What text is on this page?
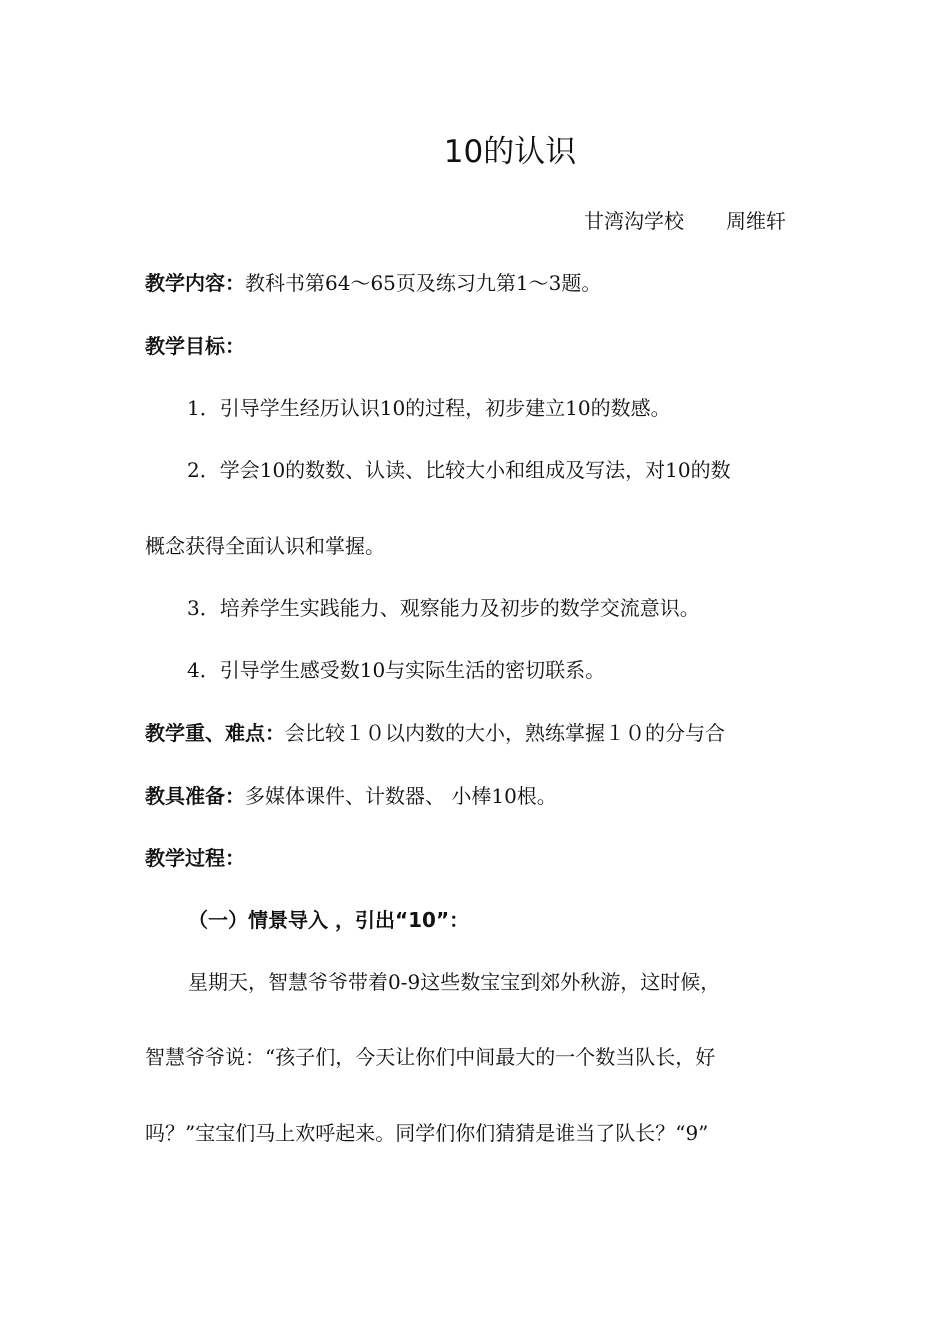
10的认识
甘湾沟学校 周维轩
教学内容：教科书第64～65页及练习九第1～3题。
教学目标：
1．引导学生经历认识10的过程，初步建立10的数感。
2．学会10的数数、认读、比较大小和组成及写法，对10的数
概念获得全面认识和掌握。
3．培养学生实践能力、观察能力及初步的数学交流意识。
4．引导学生感受数10与实际生活的密切联系。
教学重、难点：会比较１０以内数的大小，熟练掌握１０的分与合
教具准备：多媒体课件、计数器、 小棒10根。
教学过程：
（一）情景导入 ，引出“10”：
星期天，智慧爷爷带着0-9这些数宝宝到郊外秋游，这时候，
智慧爷爷说：“孩子们，今天让你们中间最大的一个数当队长，好
吗？”宝宝们马上欢呼起来。同学们你们猜猜是谁当了队长？“9”
